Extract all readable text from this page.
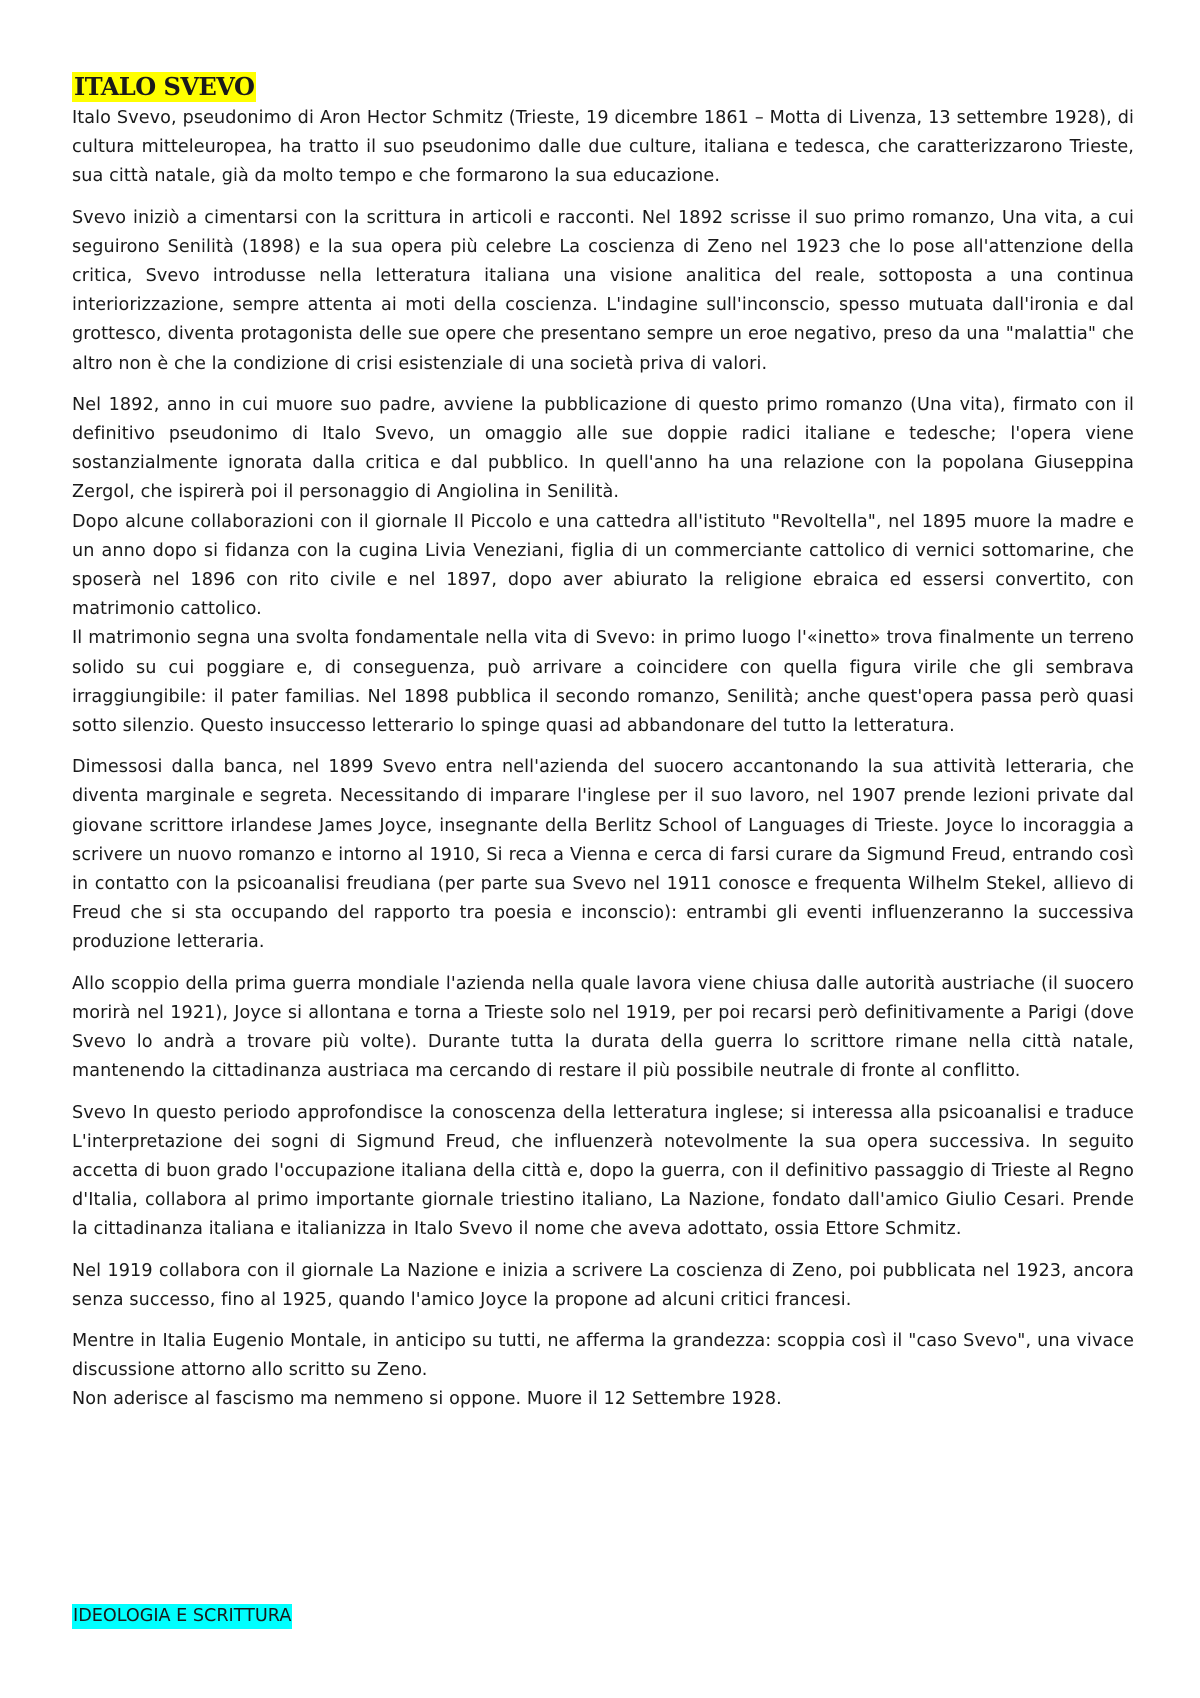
ITALO SVEVO

Italo Svevo, pseudonimo di Aron Hector Schmitz (Trieste, 19 dicembre 1861 – Motta di Livenza, 13 settembre 1928), di cultura mitteleuropea, ha tratto il suo pseudonimo dalle due culture, italiana e tedesca, che caratterizzarono Trieste, sua città natale, già da molto tempo e che formarono la sua educazione.

Svevo iniziò a cimentarsi con la scrittura in articoli e racconti. Nel 1892 scrisse il suo primo romanzo, Una vita, a cui seguirono Senilità (1898) e la sua opera più celebre La coscienza di Zeno nel 1923 che lo pose all'attenzione della critica, Svevo introdusse nella letteratura italiana una visione analitica del reale, sottoposta a una continua interiorizzazione, sempre attenta ai moti della coscienza. L'indagine sull'inconscio, spesso mutuata dall'ironia e dal grottesco, diventa protagonista delle sue opere che presentano sempre un eroe negativo, preso da una "malattia" che altro non è che la condizione di crisi esistenziale di una società priva di valori.

Nel 1892, anno in cui muore suo padre, avviene la pubblicazione di questo primo romanzo (Una vita), firmato con il definitivo pseudonimo di Italo Svevo, un omaggio alle sue doppie radici italiane e tedesche; l'opera viene sostanzialmente ignorata dalla critica e dal pubblico. In quell'anno ha una relazione con la popolana Giuseppina Zergol, che ispirerà poi il personaggio di Angiolina in Senilità.

Dopo alcune collaborazioni con il giornale Il Piccolo e una cattedra all'istituto "Revoltella", nel 1895 muore la madre e un anno dopo si fidanza con la cugina Livia Veneziani, figlia di un commerciante cattolico di vernici sottomarine, che sposerà nel 1896 con rito civile e nel 1897, dopo aver abiurato la religione ebraica ed essersi convertito, con matrimonio cattolico.

Il matrimonio segna una svolta fondamentale nella vita di Svevo: in primo luogo l'«inetto» trova finalmente un terreno solido su cui poggiare e, di conseguenza, può arrivare a coincidere con quella figura virile che gli sembrava irraggiungibile: il pater familias. Nel 1898 pubblica il secondo romanzo, Senilità; anche quest'opera passa però quasi sotto silenzio. Questo insuccesso letterario lo spinge quasi ad abbandonare del tutto la letteratura.

Dimessosi dalla banca, nel 1899 Svevo entra nell'azienda del suocero accantonando la sua attività letteraria, che diventa marginale e segreta. Necessitando di imparare l'inglese per il suo lavoro, nel 1907 prende lezioni private dal giovane scrittore irlandese James Joyce, insegnante della Berlitz School of Languages di Trieste. Joyce lo incoraggia a scrivere un nuovo romanzo e intorno al 1910, Si reca a Vienna e cerca di farsi curare da Sigmund Freud, entrando così in contatto con la psicoanalisi freudiana (per parte sua Svevo nel 1911 conosce e frequenta Wilhelm Stekel, allievo di Freud che si sta occupando del rapporto tra poesia e inconscio): entrambi gli eventi influenzeranno la successiva produzione letteraria.

Allo scoppio della prima guerra mondiale l'azienda nella quale lavora viene chiusa dalle autorità austriache (il suocero morirà nel 1921), Joyce si allontana e torna a Trieste solo nel 1919, per poi recarsi però definitivamente a Parigi (dove Svevo lo andrà a trovare più volte). Durante tutta la durata della guerra lo scrittore rimane nella città natale, mantenendo la cittadinanza austriaca ma cercando di restare il più possibile neutrale di fronte al conflitto.

Svevo In questo periodo approfondisce la conoscenza della letteratura inglese; si interessa alla psicoanalisi e traduce L'interpretazione dei sogni di Sigmund Freud, che influenzerà notevolmente la sua opera successiva. In seguito accetta di buon grado l'occupazione italiana della città e, dopo la guerra, con il definitivo passaggio di Trieste al Regno d'Italia, collabora al primo importante giornale triestino italiano, La Nazione, fondato dall'amico Giulio Cesari. Prende la cittadinanza italiana e italianizza in Italo Svevo il nome che aveva adottato, ossia Ettore Schmitz.

Nel 1919 collabora con il giornale La Nazione e inizia a scrivere La coscienza di Zeno, poi pubblicata nel 1923, ancora senza successo, fino al 1925, quando l'amico Joyce la propone ad alcuni critici francesi.

Mentre in Italia Eugenio Montale, in anticipo su tutti, ne afferma la grandezza: scoppia così il "caso Svevo", una vivace discussione attorno allo scritto su Zeno.

Non aderisce al fascismo ma nemmeno si oppone. Muore il 12 Settembre 1928.

IDEOLOGIA E SCRITTURA
